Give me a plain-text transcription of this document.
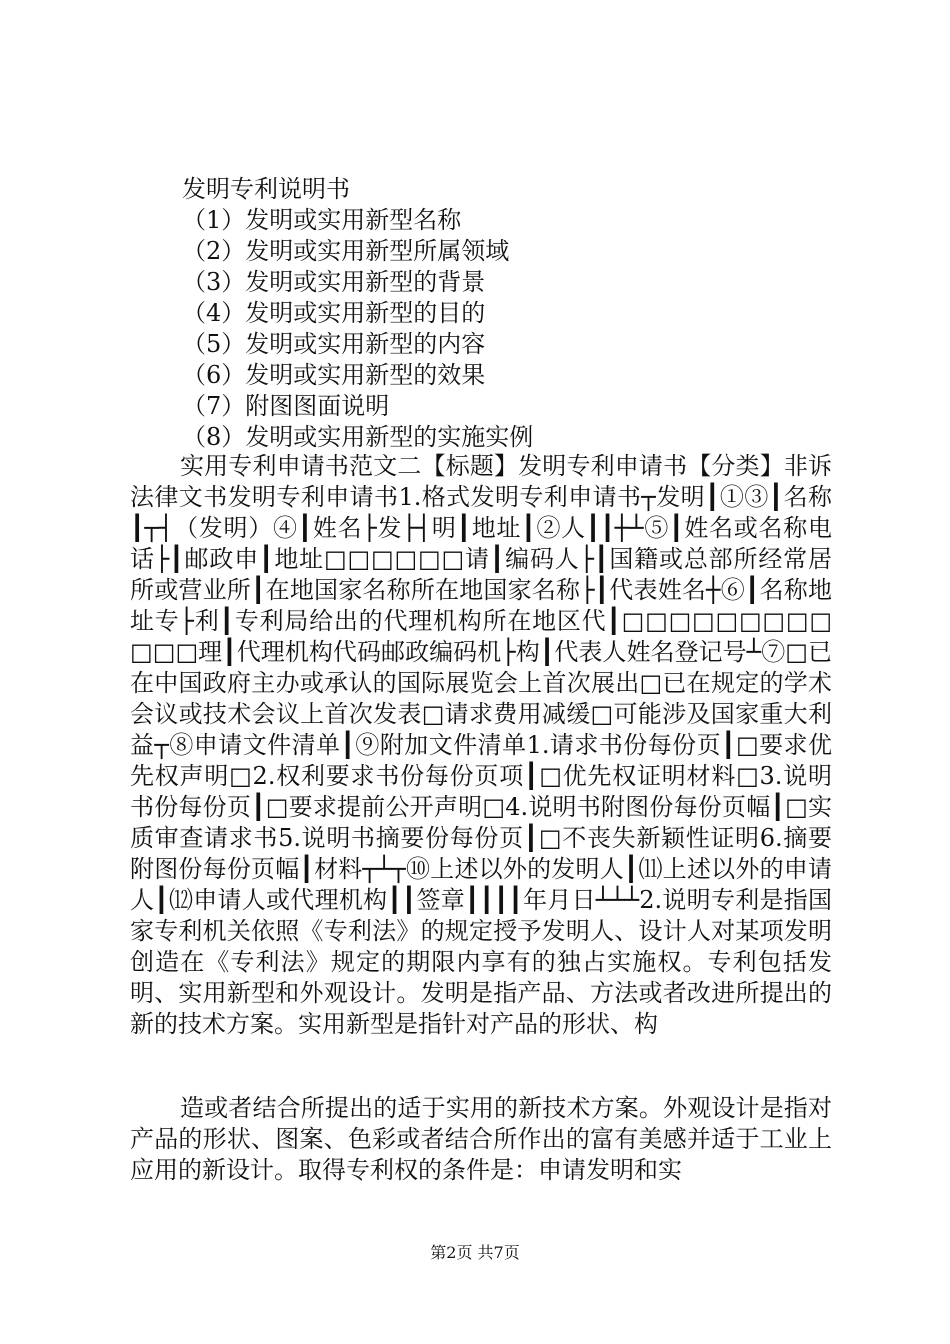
发明专利说明书
（1）发明或实用新型名称
（2）发明或实用新型所属领域
（3）发明或实用新型的背景
（4）发明或实用新型的目的
（5）发明或实用新型的内容
（6）发明或实用新型的效果
（7）附图图面说明
（8）发明或实用新型的实施实例

实用专利申请书范文二【标题】发明专利申请书【分类】非诉法律文书发明专利申请书1.格式发明专利申请书┬发明┃①③┃名称┃┬┤（发明）④┃姓名├发├┤明┃地址┃②人┃┃┼┴⑤┃姓名或名称电话├┃邮政申┃地址□□□□□□请┃编码人├┃国籍或总部所经常居所或营业所┃在地国家名称所在地国家名称├┃代表姓名┼⑥┃名称地址专├利┃专利局给出的代理机构所在地区代┃□□□□□□□□□□□□理┃代理机构代码邮政编码机├构┃代表人姓名登记号┴⑦□已在中国政府主办或承认的国际展览会上首次展出□已在规定的学术会议或技术会议上首次发表□请求费用减缓□可能涉及国家重大利益┬⑧申请文件清单┃⑨附加文件清单1.请求书份每份页┃□要求优先权声明□2.权利要求书份每份页项┃□优先权证明材料□3.说明书份每份页┃□要求提前公开声明□4.说明书附图份每份页幅┃□实质审查请求书5.说明书摘要份每份页┃□不丧失新颖性证明6.摘要附图份每份页幅┃材料┬┴┬⑩上述以外的发明人┃⑾上述以外的申请人┃⑿申请人或代理机构┃┃签章┃┃┃┃年月日┴┴┴2.说明专利是指国家专利机关依照《专利法》的规定授予发明人、设计人对某项发明创造在《专利法》规定的期限内享有的独占实施权。专利包括发明、实用新型和外观设计。发明是指产品、方法或者改进所提出的新的技术方案。实用新型是指针对产品的形状、构

造或者结合所提出的适于实用的新技术方案。外观设计是指对产品的形状、图案、色彩或者结合所作出的富有美感并适于工业上应用的新设计。取得专利权的条件是：申请发明和实

第2页 共7页
